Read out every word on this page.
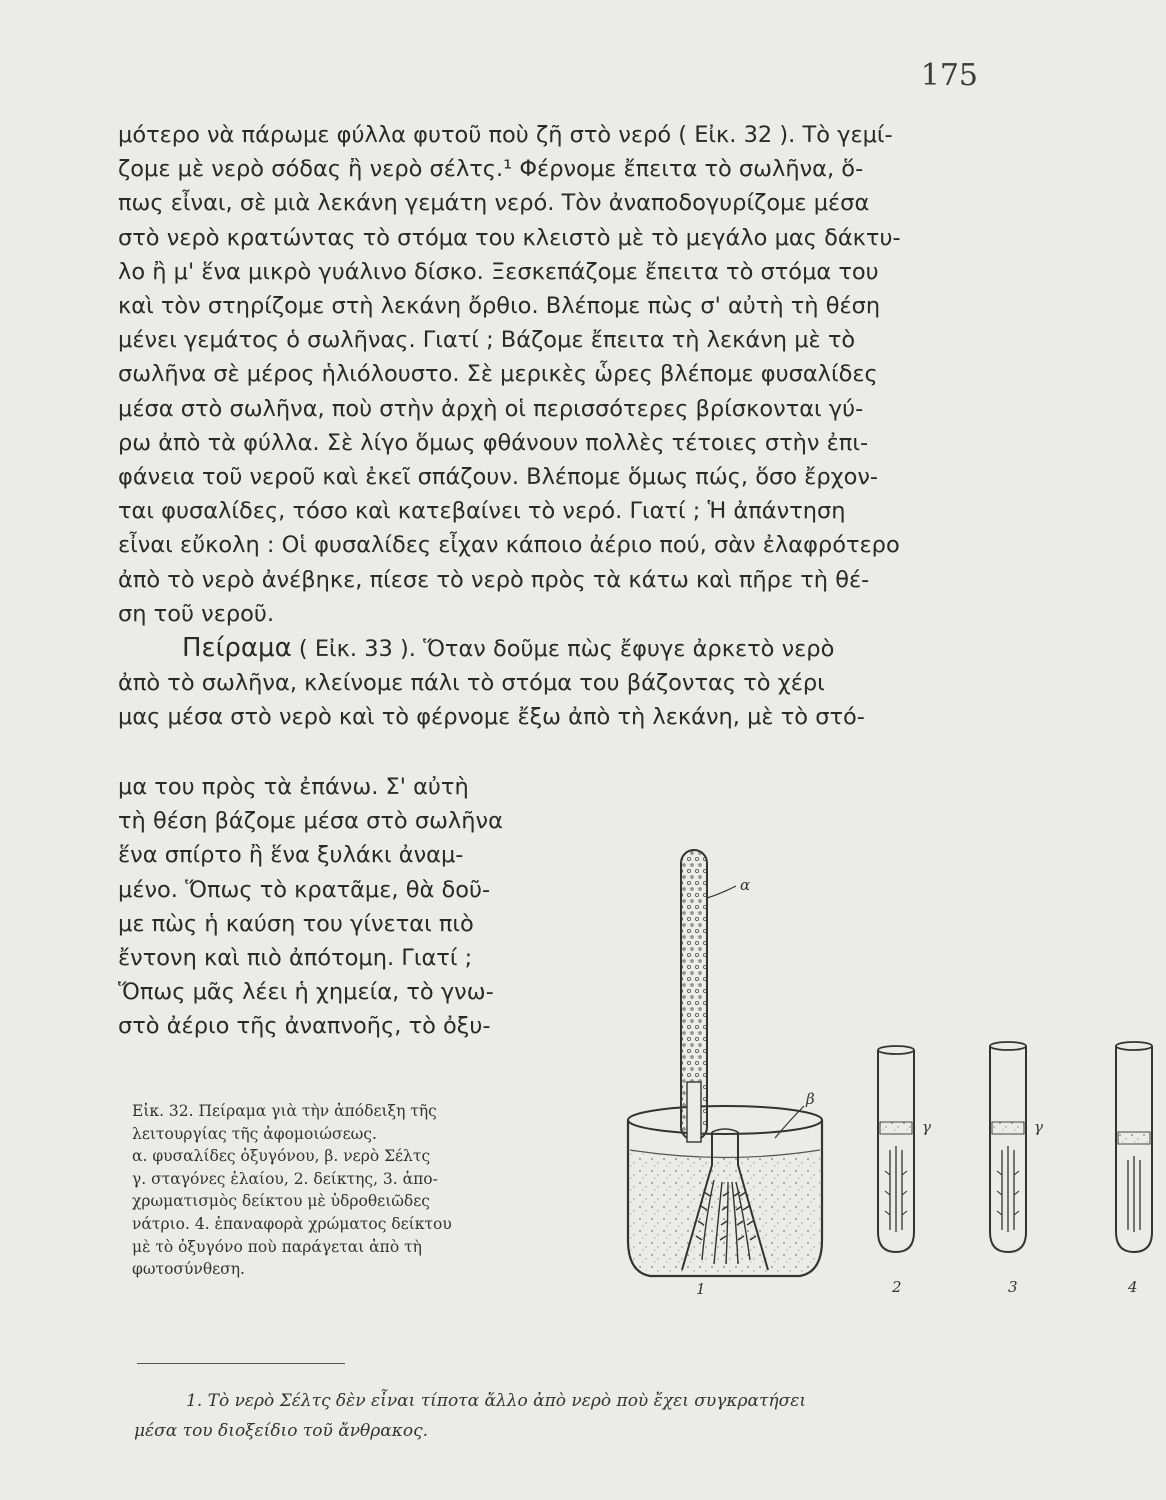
175

μότερο νὰ πάρωμε φύλλα φυτοῦ ποὺ ζῆ στὸ νερό ( Εἰκ. 32 ). Τὸ γεμί-
ζομε μὲ νερὸ σόδας ἢ νερὸ σέλτς.¹ Φέρνομε ἔπειτα τὸ σωλῆνα, ὅ-
πως εἶναι, σὲ μιὰ λεκάνη γεμάτη νερό. Τὸν ἀναποδογυρίζομε μέσα
στὸ νερὸ κρατώντας τὸ στόμα του κλειστὸ μὲ τὸ μεγάλο μας δάκτυ-
λο ἢ μ' ἕνα μικρὸ γυάλινο δίσκο. Ξεσκεπάζομε ἔπειτα τὸ στόμα του
καὶ τὸν στηρίζομε στὴ λεκάνη ὄρθιο. Βλέπομε πὼς σ' αὐτὴ τὴ θέση
μένει γεμάτος ὁ σωλῆνας. Γιατί ; Βάζομε ἔπειτα τὴ λεκάνη μὲ τὸ
σωλῆνα σὲ μέρος ἡλιόλουστο. Σὲ μερικὲς ὧρες βλέπομε φυσαλίδες
μέσα στὸ σωλῆνα, ποὺ στὴν ἀρχὴ οἱ περισσότερες βρίσκονται γύ-
ρω ἀπὸ τὰ φύλλα. Σὲ λίγο ὅμως φθάνουν πολλὲς τέτοιες στὴν ἐπι-
φάνεια τοῦ νεροῦ καὶ ἐκεῖ σπάζουν. Βλέπομε ὅμως πώς, ὅσο ἔρχον-
ται φυσαλίδες, τόσο καὶ κατεβαίνει τὸ νερό. Γιατί ; Ἡ ἀπάντηση
εἶναι εὔκολη : Οἱ φυσαλίδες εἶχαν κάποιο ἀέριο πού, σὰν ἐλαφρότερο
ἀπὸ τὸ νερὸ ἀνέβηκε, πίεσε τὸ νερὸ πρὸς τὰ κάτω καὶ πῆρε τὴ θέ-
ση τοῦ νεροῦ.

Πείραμα ( Εἰκ. 33 ). Ὅταν δοῦμε πὼς ἔφυγε ἀρκετὸ νερὸ
ἀπὸ τὸ σωλῆνα, κλείνομε πάλι τὸ στόμα του βάζοντας τὸ χέρι
μας μέσα στὸ νερὸ καὶ τὸ φέρνομε ἔξω ἀπὸ τὴ λεκάνη, μὲ τὸ στό-

μα του πρὸς τὰ ἐπάνω. Σ' αὐτὴ
τὴ θέση βάζομε μέσα στὸ σωλῆνα
ἕνα σπίρτο ἢ ἕνα ξυλάκι ἀναμ-
μένο. Ὅπως τὸ κρατᾶμε, θὰ δοῦ-
με πὼς ἡ καύση του γίνεται πιὸ
ἔντονη καὶ πιὸ ἀπότομη. Γιατί ;
Ὅπως μᾶς λέει ἡ χημεία, τὸ γνω-
στὸ ἀέριο τῆς ἀναπνοῆς, τὸ ὀξυ-
Εἰκ. 32. Πείραμα γιὰ τὴν ἀπόδειξη τῆς
λειτουργίας τῆς ἀφομοιώσεως.
α. φυσαλίδες ὀξυγόνου, β. νερὸ Σέλτς
γ. σταγόνες ἐλαίου, 2. δείκτης, 3. ἀπο-
χρωματισμὸς δείκτου μὲ ὑδροθειῶδες
νάτριο. 4. ἐπαναφορὰ χρώματος δείκτου
μὲ τὸ ὀξυγόνο ποὺ παράγεται ἀπὸ τὴ
φωτοσύνθεση.
α
β
1
γ
2
γ
3	4
1. Τὸ νερὸ Σέλτς δὲν εἶναι τίποτα ἄλλο ἀπὸ νερὸ ποὺ ἔχει συγκρατήσει
μέσα του διοξείδιο τοῦ ἄνθρακος.
